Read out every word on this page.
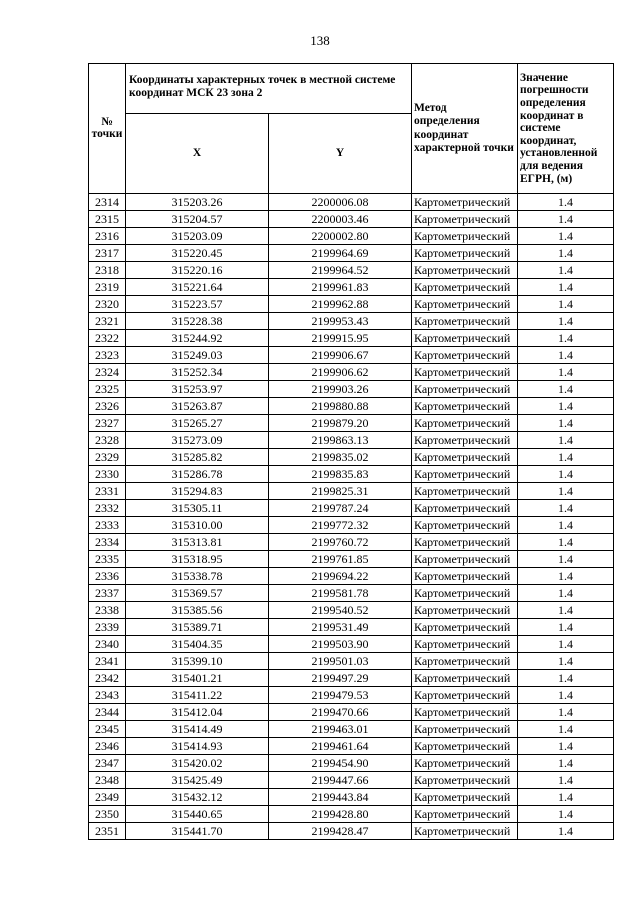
138
№
точки	Координаты характерных точек в местной системе координат МСК 23 зона 2		Метод определения координат характерной точки	Значение погрешности определения координат в системе координат, установленной для ведения ЕГРН, (м)
	X	Y		
2314	315203.26	2200006.08	Картометрический	1.4
2315	315204.57	2200003.46	Картометрический	1.4
2316	315203.09	2200002.80	Картометрический	1.4
2317	315220.45	2199964.69	Картометрический	1.4
2318	315220.16	2199964.52	Картометрический	1.4
2319	315221.64	2199961.83	Картометрический	1.4
2320	315223.57	2199962.88	Картометрический	1.4
2321	315228.38	2199953.43	Картометрический	1.4
2322	315244.92	2199915.95	Картометрический	1.4
2323	315249.03	2199906.67	Картометрический	1.4
2324	315252.34	2199906.62	Картометрический	1.4
2325	315253.97	2199903.26	Картометрический	1.4
2326	315263.87	2199880.88	Картометрический	1.4
2327	315265.27	2199879.20	Картометрический	1.4
2328	315273.09	2199863.13	Картометрический	1.4
2329	315285.82	2199835.02	Картометрический	1.4
2330	315286.78	2199835.83	Картометрический	1.4
2331	315294.83	2199825.31	Картометрический	1.4
2332	315305.11	2199787.24	Картометрический	1.4
2333	315310.00	2199772.32	Картометрический	1.4
2334	315313.81	2199760.72	Картометрический	1.4
2335	315318.95	2199761.85	Картометрический	1.4
2336	315338.78	2199694.22	Картометрический	1.4
2337	315369.57	2199581.78	Картометрический	1.4
2338	315385.56	2199540.52	Картометрический	1.4
2339	315389.71	2199531.49	Картометрический	1.4
2340	315404.35	2199503.90	Картометрический	1.4
2341	315399.10	2199501.03	Картометрический	1.4
2342	315401.21	2199497.29	Картометрический	1.4
2343	315411.22	2199479.53	Картометрический	1.4
2344	315412.04	2199470.66	Картометрический	1.4
2345	315414.49	2199463.01	Картометрический	1.4
2346	315414.93	2199461.64	Картометрический	1.4
2347	315420.02	2199454.90	Картометрический	1.4
2348	315425.49	2199447.66	Картометрический	1.4
2349	315432.12	2199443.84	Картометрический	1.4
2350	315440.65	2199428.80	Картометрический	1.4
2351	315441.70	2199428.47	Картометрический	1.4
